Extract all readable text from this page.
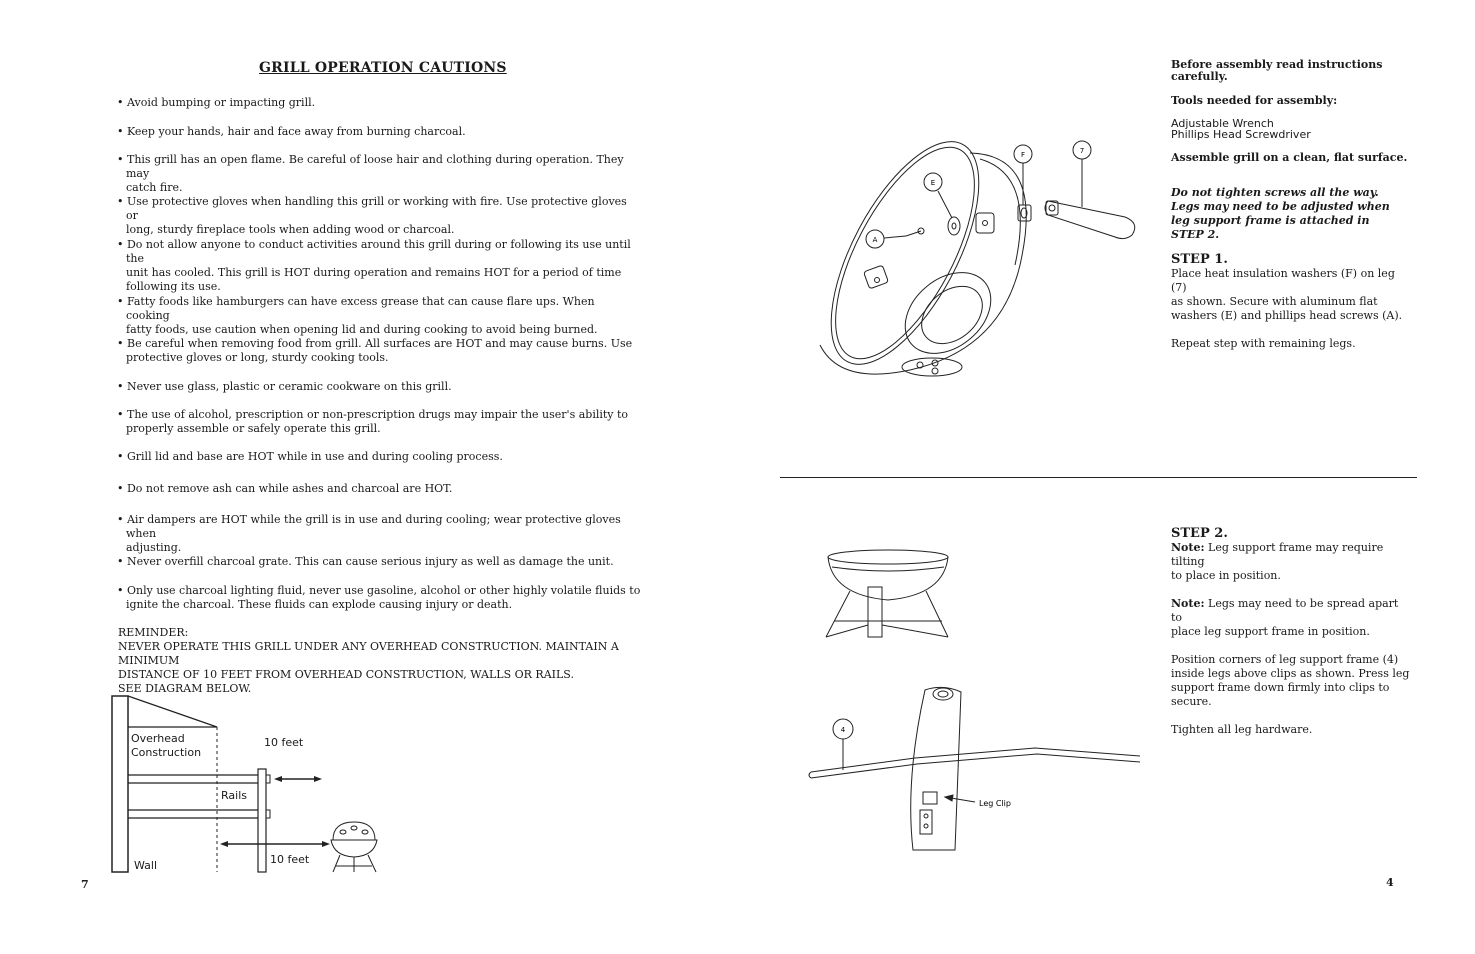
GRILL OPERATION CAUTIONS
• Avoid bumping or impacting grill.
• Keep your hands, hair and face away from burning charcoal.
• This grill has an open flame. Be careful of loose hair and clothing during operation. They may
catch fire.
• Use protective gloves when handling this grill or working with fire. Use protective gloves or
long, sturdy fireplace tools when adding wood or charcoal.
• Do not allow anyone to conduct activities around this grill during or following its use until the
unit has cooled. This grill is HOT during operation and remains HOT for a period of time
following its use.
• Fatty foods like hamburgers can have excess grease that can cause flare ups. When cooking
fatty foods, use caution when opening lid and during cooking to avoid being burned.
• Be careful when removing food from grill. All surfaces are HOT and may cause burns. Use
protective gloves or long, sturdy cooking tools.
• Never use glass, plastic or ceramic cookware on this grill.
• The use of alcohol, prescription or non-prescription drugs may impair the user's ability to
properly assemble or safely operate this grill.
• Grill lid and base are HOT while in use and during cooling process.
• Do not remove ash can while ashes and charcoal are HOT.
• Air dampers are HOT while the grill is in use and during cooling; wear protective gloves when
adjusting.
• Never overfill charcoal grate. This can cause serious injury as well as damage the unit.
• Only use charcoal lighting fluid, never use gasoline, alcohol or other highly volatile fluids to
ignite the charcoal. These fluids can explode causing injury or death.
REMINDER:
NEVER OPERATE THIS GRILL UNDER ANY OVERHEAD CONSTRUCTION. MAINTAIN A MINIMUM
DISTANCE OF 10 FEET FROM OVERHEAD CONSTRUCTION, WALLS OR RAILS.
SEE DIAGRAM BELOW.
Overhead
Construction
10 feet
Rails
Wall	10 feet
7
F	7
E
A
Before assembly read instructions
carefully.
Tools needed for assembly:
Adjustable Wrench
Phillips Head Screwdriver
Assemble grill on a clean, flat surface.
Do not tighten screws all the way.
Legs may need to be adjusted when
leg support frame is attached in
STEP 2.
STEP 1.
Place heat insulation washers (F) on leg (7)
as shown. Secure with aluminum flat
washers (E) and phillips head screws (A).
Repeat step with remaining legs.
4
Leg Clip
STEP 2.
Note: Leg support frame may require tilting
to place in position.
Note: Legs may need to be spread apart to
place leg support frame in position.
Position corners of leg support frame (4)
inside legs above clips as shown. Press leg
support frame down firmly into clips to
secure.
Tighten all leg hardware.
4
